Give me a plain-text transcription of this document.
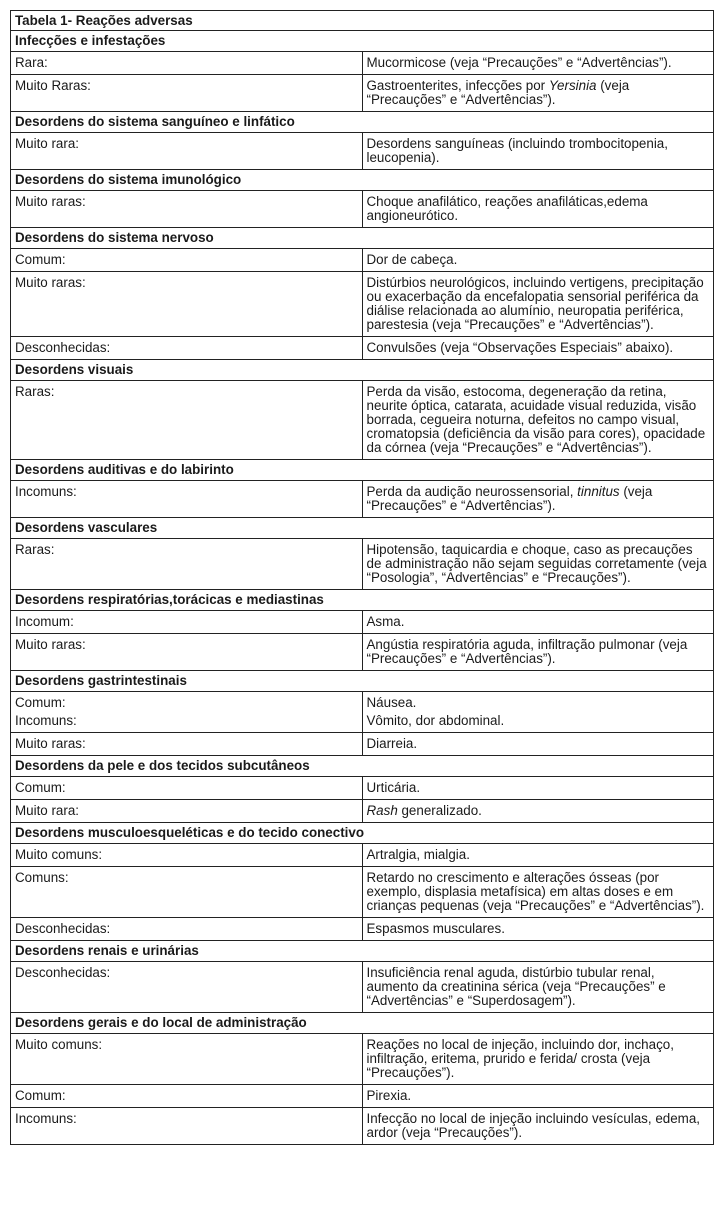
Tabela 1- Reações adversas	
Infecções e infestações	
Rara:	Mucormicose (veja “Precauções” e “Advertências”).
Muito Raras:	Gastroenterites, infecções por Yersinia (veja “Precauções” e “Advertências”).
Desordens do sistema sanguíneo e linfático	
Muito rara:	Desordens sanguíneas (incluindo trombocitopenia, leucopenia).
Desordens do sistema imunológico	
Muito raras:	Choque anafilático, reações anafiláticas,edema angioneurótico.
Desordens do sistema nervoso	
Comum:	Dor de cabeça.
Muito raras:	Distúrbios neurológicos, incluindo vertigens, precipitação ou exacerbação da encefalopatia sensorial periférica da diálise relacionada ao alumínio, neuropatia periférica, parestesia (veja “Precauções” e “Advertências”).
Desconhecidas:	Convulsões (veja “Observações Especiais” abaixo).
Desordens visuais	
Raras:	Perda da visão, estocoma, degeneração da retina, neurite óptica, catarata, acuidade visual reduzida, visão borrada, cegueira noturna, defeitos no campo visual, cromatopsia (deficiência da visão para cores), opacidade da córnea (veja “Precauções” e “Advertências”).
Desordens auditivas e do labirinto	
Incomuns:	Perda da audição neurossensorial, tinnitus (veja “Precauções” e “Advertências”).
Desordens vasculares	
Raras:	Hipotensão, taquicardia e choque, caso as precauções de administração não sejam seguidas corretamente (veja “Posologia”, “Advertências” e “Precauções”).
Desordens respiratórias,torácicas e mediastinas	
Incomum:	Asma.
Muito raras:	Angústia respiratória aguda, infiltração pulmonar (veja “Precauções” e “Advertências”).
Desordens gastrintestinais	
Comum:	Náusea.
Incomuns:	Vômito, dor abdominal.
Muito raras:	Diarreia.
Desordens da pele e dos tecidos subcutâneos	
Comum:	Urticária.
Muito rara:	Rash generalizado.
Desordens musculoesqueléticas e do tecido conectivo	
Muito comuns:	Artralgia, mialgia.
Comuns:	Retardo no crescimento e alterações ósseas (por exemplo, displasia metafísica) em altas doses e em crianças pequenas (veja “Precauções” e “Advertências”).
Desconhecidas:	Espasmos musculares.
Desordens renais e urinárias	
Desconhecidas:	Insuficiência renal aguda, distúrbio tubular renal, aumento da creatinina sérica (veja “Precauções” e “Advertências” e “Superdosagem”).
Desordens gerais e do local de administração	
Muito comuns:	Reações no local de injeção, incluindo dor, inchaço, infiltração, eritema, prurido e ferida/ crosta (veja “Precauções”).
Comum:	Pirexia.
Incomuns:	Infecção no local de injeção incluindo vesículas, edema, ardor (veja “Precauções”).
